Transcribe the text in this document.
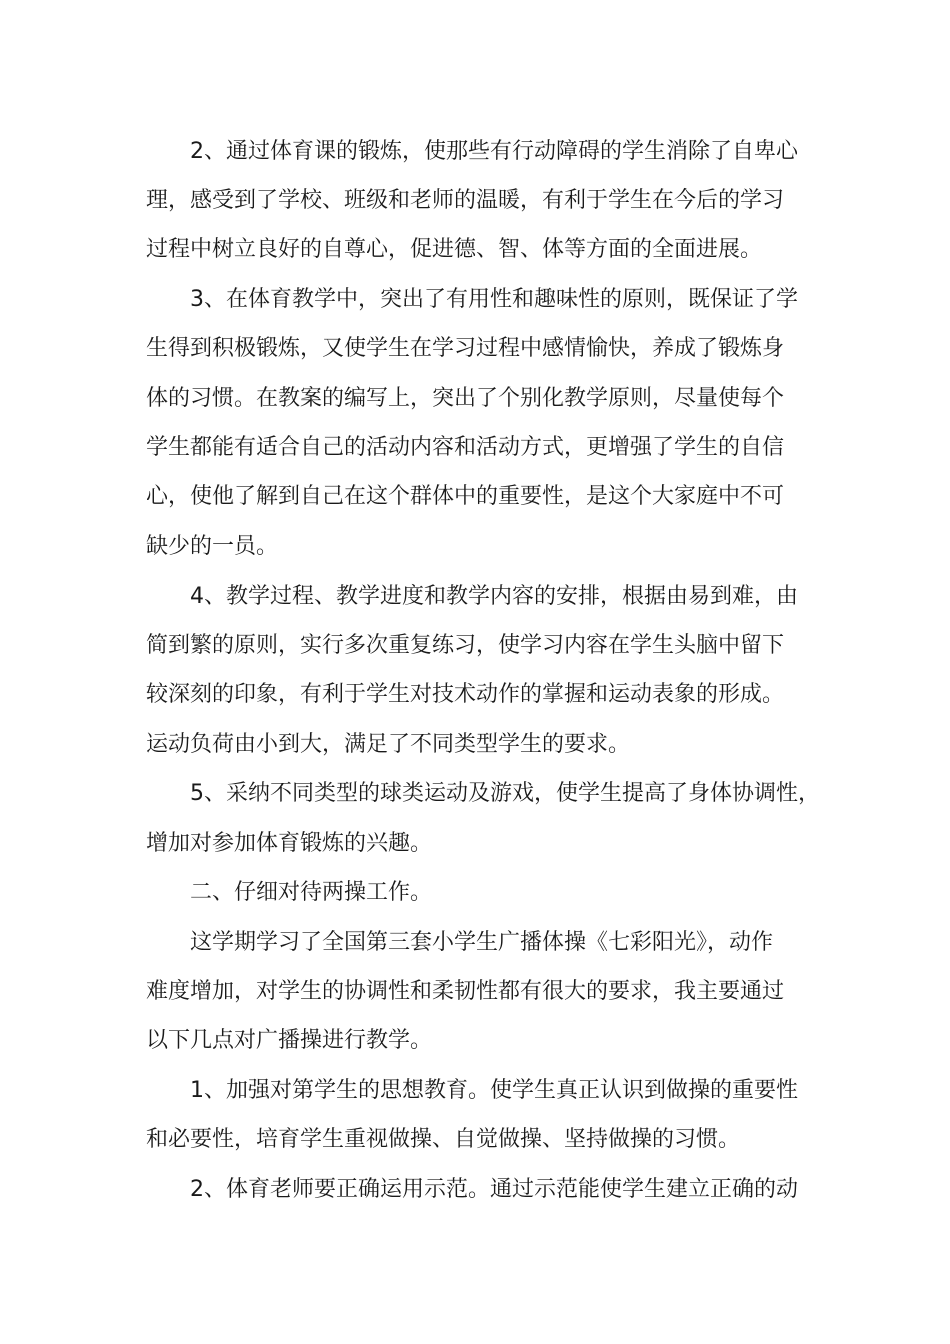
2、通过体育课的锻炼，使那些有行动障碍的学生消除了自卑心
理，感受到了学校、班级和老师的温暖，有利于学生在今后的学习
过程中树立良好的自尊心，促进德、智、体等方面的全面进展。
3、在体育教学中，突出了有用性和趣味性的原则，既保证了学
生得到积极锻炼，又使学生在学习过程中感情愉快，养成了锻炼身
体的习惯。在教案的编写上，突出了个别化教学原则，尽量使每个
学生都能有适合自己的活动内容和活动方式，更增强了学生的自信
心，使他了解到自己在这个群体中的重要性，是这个大家庭中不可
缺少的一员。
4、教学过程、教学进度和教学内容的安排，根据由易到难，由
简到繁的原则，实行多次重复练习，使学习内容在学生头脑中留下
较深刻的印象，有利于学生对技术动作的掌握和运动表象的形成。
运动负荷由小到大，满足了不同类型学生的要求。
5、采纳不同类型的球类运动及游戏，使学生提高了身体协调性，
增加对参加体育锻炼的兴趣。
二、仔细对待两操工作。
这学期学习了全国第三套小学生广播体操《七彩阳光》，动作
难度增加，对学生的协调性和柔韧性都有很大的要求，我主要通过
以下几点对广播操进行教学。
1、加强对第学生的思想教育。使学生真正认识到做操的重要性
和必要性，培育学生重视做操、自觉做操、坚持做操的习惯。
2、体育老师要正确运用示范。通过示范能使学生建立正确的动
